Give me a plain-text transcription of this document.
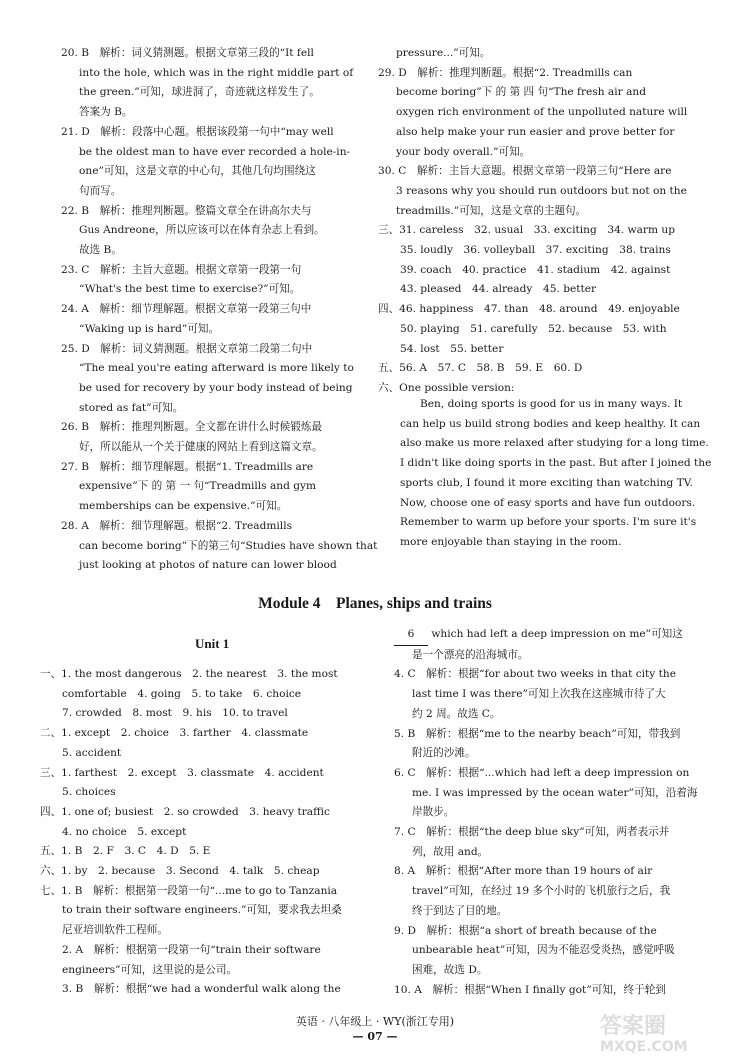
20. B　解析：词义猜测题。根据文章第三段的“It fell
into the hole, which was in the right middle part of
the green.”可知，球进洞了，奇迹就这样发生了。
答案为 B。
21. D　解析：段落中心题。根据该段第一句中“may well
be the oldest man to have ever recorded a hole-in-
one”可知，这是文章的中心句，其他几句均围绕这
句而写。
22. B　解析：推理判断题。整篇文章全在讲高尔夫与
Gus Andreone，所以应该可以在体育杂志上看到。
故选 B。
23. C　解析：主旨大意题。根据文章第一段第一句
“What's the best time to exercise?”可知。
24. A　解析：细节理解题。根据文章第一段第三句中
“Waking up is hard”可知。
25. D　解析：词义猜测题。根据文章第二段第二句中
“The meal you're eating afterward is more likely to
be used for recovery by your body instead of being
stored as fat”可知。
26. B　解析：推理判断题。全文都在讲什么时候锻炼最
好，所以能从一个关于健康的网站上看到这篇文章。
27. B　解析：细节理解题。根据“1. Treadmills are
expensive”下 的 第 一 句“Treadmills and gym
memberships can be expensive.”可知。
28. A　解析：细节理解题。根据“2. Treadmills
can become boring”下的第三句“Studies have shown that
just looking at photos of nature can lower blood
pressure...”可知。
29. D　解析：推理判断题。根据“2. Treadmills can
become boring”下 的 第 四 句“The fresh air and
oxygen rich environment of the unpolluted nature will
also help make your run easier and prove better for
your body overall.”可知。
30. C　解析：主旨大意题。根据文章第一段第三句“Here are
3 reasons why you should run outdoors but not on the
treadmills.”可知，这是文章的主题句。
三、31. careless　32. usual　33. exciting　34. warm up
35. loudly　36. volleyball　37. exciting　38. trains
39. coach　40. practice　41. stadium　42. against
43. pleased　44. already　45. better
四、46. happiness　47. than　48. around　49. enjoyable
50. playing　51. carefully　52. because　53. with
54. lost　55. better
五、56. A　57. C　58. B　59. E　60. D
六、One possible version:
Ben, doing sports is good for us in many ways. It
can help us build strong bodies and keep healthy. It can
also make us more relaxed after studying for a long time.
I didn't like doing sports in the past. But after I joined the
sports club, I found it more exciting than watching TV.
Now, choose one of easy sports and have fun outdoors.
Remember to warm up before your sports. I'm sure it's
more enjoyable than staying in the room.
Module 4　Planes, ships and trains
Unit 1
一、1. the most dangerous　2. the nearest　3. the most
comfortable　4. going　5. to take　6. choice
7. crowded　8. most　9. his　10. to travel
二、1. except　2. choice　3. farther　4. classmate
5. accident
三、1. farthest　2. except　3. classmate　4. accident
5. choices
四、1. one of; busiest　2. so crowded　3. heavy traffic
4. no choice　5. except
五、1. B　2. F　3. C　4. D　5. E
六、1. by　2. because　3. Second　4. talk　5. cheap
七、1. B　解析：根据第一段第一句“...me to go to Tanzania
to train their software engineers.”可知，要求我去坦桑
尼亚培训软件工程师。
2. A　解析：根据第一段第一句“train their software
engineers”可知，这里说的是公司。
3. B　解析：根据“we had a wonderful walk along the
6 which had left a deep impression on me”可知这
是一个漂亮的沿海城市。
4. C　解析：根据“for about two weeks in that city the
last time I was there”可知上次我在这座城市待了大
约 2 周。故选 C。
5. B　解析：根据“me to the nearby beach”可知，带我到
附近的沙滩。
6. C　解析：根据“...which had left a deep impression on
me. I was impressed by the ocean water”可知，沿着海
岸散步。
7. C　解析：根据“the deep blue sky”可知，两者表示并
列，故用 and。
8. A　解析：根据“After more than 19 hours of air
travel”可知，在经过 19 多个小时的飞机旅行之后，我
终于到达了目的地。
9. D　解析：根据“a short of breath because of the
unbearable heat”可知，因为不能忍受炎热，感觉呼吸
困难，故选 D。
10. A　解析：根据“When I finally got”可知，终于轮到
英语 · 八年级上 · WY(浙江专用)
— 07 —	答案圈
MXQE.COM
